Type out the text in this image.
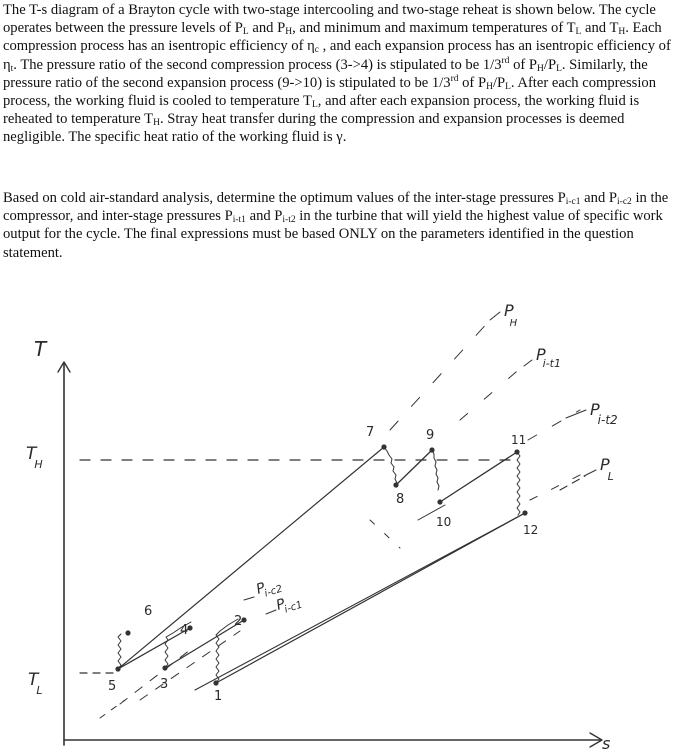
The T-s diagram of a Brayton cycle with two-stage intercooling and two-stage reheat is shown below. The cycle operates between the pressure levels of $P_L$ and $P_H$, and minimum and maximum temperatures of $T_L$ and $T_H$. Each compression process has an isentropic efficiency of $\eta_c$ , and each expansion process has an isentropic efficiency of $\eta_t$. The pressure ratio of the second compression process (3->4) is stipulated to be 1/3rd of $P_H/P_L$. Similarly, the pressure ratio of the second expansion process (9->10) is stipulated to be 1/3rd of $P_H/P_L$. After each compression process, the working fluid is cooled to temperature $T_L$, and after each expansion process, the working fluid is reheated to temperature $T_H$. Stray heat transfer during the compression and expansion processes is deemed negligible. The specific heat ratio of the working fluid is γ.

Based on cold air-standard analysis, determine the optimum values of the inter-stage pressures $P_{i-c1}$ and $P_{i-c2}$ in the compressor, and inter-stage pressures $P_{i-t1}$ and $P_{i-t2}$ in the turbine that will yield the highest value of specific work output for the cycle. The final expressions must be based ONLY on the parameters identified in the question statement.

T
s
T H
T L	1
2
3
4
5
6
7
8
9
10
11
12
P H
Pi-t1
P i-t2
P L
Pi-c2
Pi-c1
